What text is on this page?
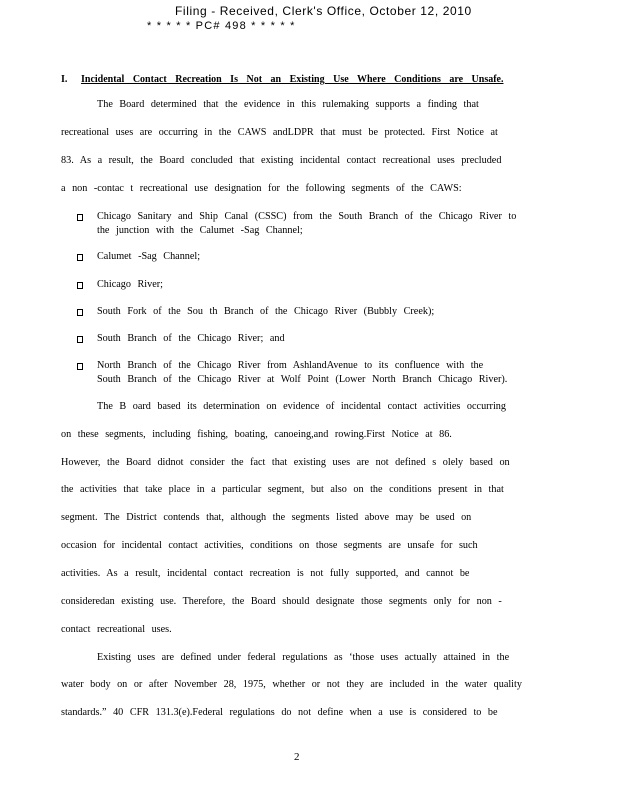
Filing - Received, Clerk's Office, October 12, 2010
* * * * * PC# 498 * * * * *
I. Incidental Contact Recreation Is Not an Existing Use Where Conditions are Unsafe.
The Board determined that the evidence in this rulemaking supports a finding that
recreational uses are occurring in the CAWS andLDPR that must be protected. First Notice at
83. As a result, the Board concluded that existing incidental contact recreational uses precluded
a non -contac t recreational use designation for the following segments of the CAWS:
Chicago Sanitary and Ship Canal (CSSC) from the South Branch of the Chicago River to
the junction with the Calumet -Sag Channel;
Calumet -Sag Channel;
Chicago River;
South Fork of the Sou th Branch of the Chicago River (Bubbly Creek);
South Branch of the Chicago River; and
North Branch of the Chicago River from AshlandAvenue to its confluence with the
South Branch of the Chicago River at Wolf Point (Lower North Branch Chicago River).
The B oard based its determination on evidence of incidental contact activities occurring
on these segments, including fishing, boating, canoeing,and rowing.First Notice at 86.
However, the Board didnot consider the fact that existing uses are not defined s olely based on
the activities that take place in a particular segment, but also on the conditions present in that
segment. The District contends that, although the segments listed above may be used on
occasion for incidental contact activities, conditions on those segments are unsafe for such
activities. As a result, incidental contact recreation is not fully supported, and cannot be
consideredan existing use. Therefore, the Board should designate those segments only for non -
contact recreational uses.
Existing uses are defined under federal regulations as ‘those uses actually attained in the
water body on or after November 28, 1975, whether or not they are included in the water quality
standards.” 40 CFR 131.3(e).Federal regulations do not define when a use is considered to be
2
